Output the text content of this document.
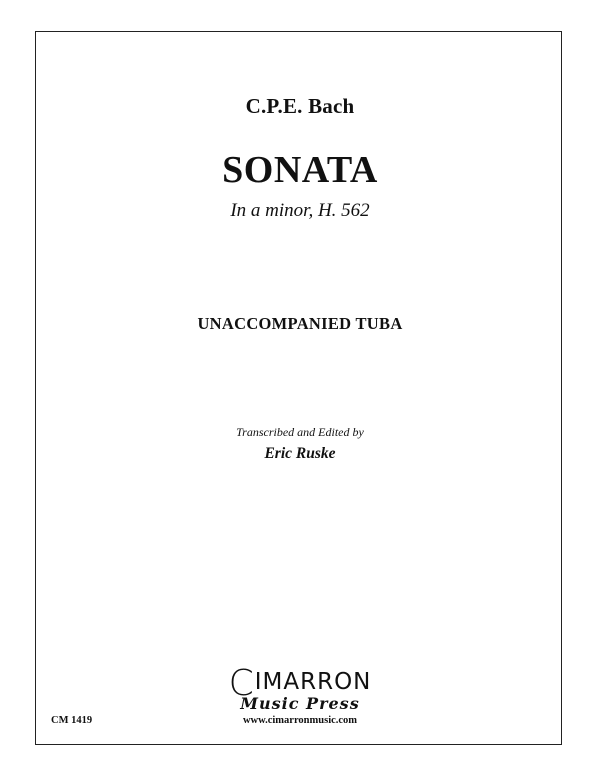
C.P.E. Bach
SONATA
In a minor, H. 562
UNACCOMPANIED TUBA
Transcribed and Edited by
Eric Ruske
CIMARRON
Music Press
CM 1419	www.cimarronmusic.com
